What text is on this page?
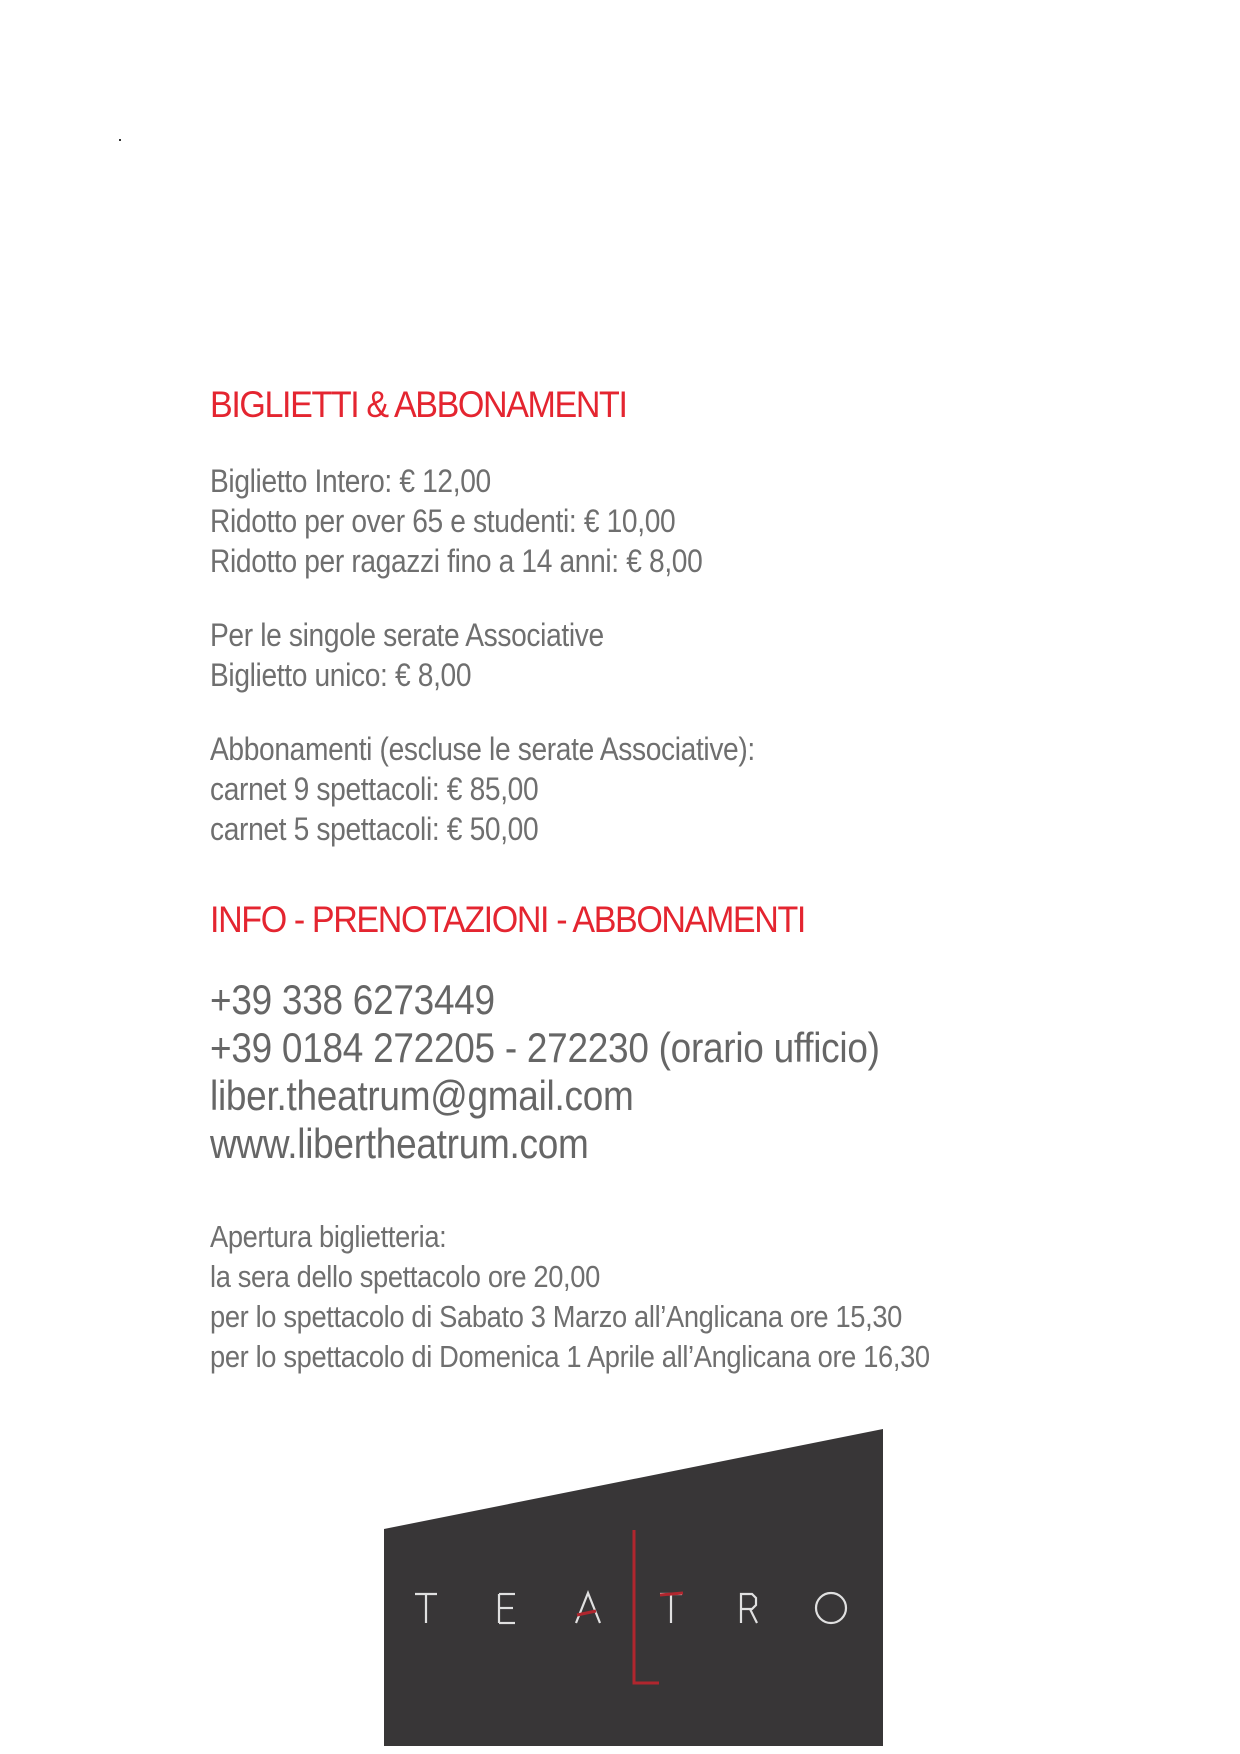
BIGLIETTI & ABBONAMENTI
Biglietto Intero: € 12,00
Ridotto per over 65 e studenti: € 10,00
Ridotto per ragazzi fino a 14 anni: € 8,00
Per le singole serate Associative
Biglietto unico: € 8,00
Abbonamenti (escluse le serate Associative):
carnet 9 spettacoli: € 85,00
carnet 5 spettacoli: € 50,00
INFO - PRENOTAZIONI - ABBONAMENTI
+39 338 6273449
+39 0184 272205 - 272230 (orario ufficio)
liber.theatrum@gmail.com
www.libertheatrum.com
Apertura biglietteria:
la sera dello spettacolo ore 20,00
per lo spettacolo di Sabato 3 Marzo all’Anglicana ore 15,30
per lo spettacolo di Domenica 1 Aprile all’Anglicana ore 16,30
